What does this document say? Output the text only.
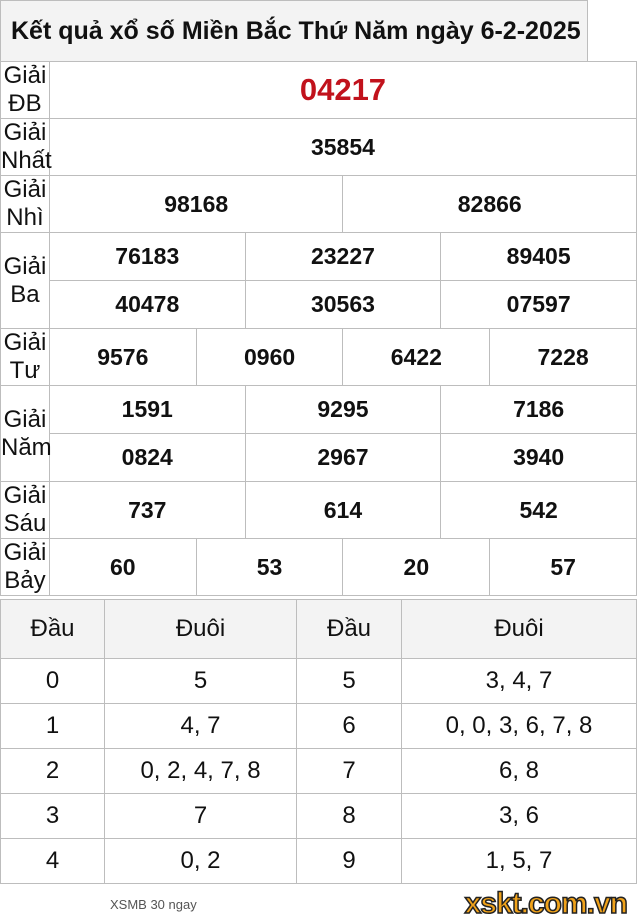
Kết quả xổ số Miền Bắc Thứ Năm ngày 6-2-2025						
Giải ĐB	04217					
Giải Nhất	35854					
Giải Nhì	98168			82866		
Giải Ba	76183		23227		89405	
	40478		30563		07597	
Giải Tư	9576	0960		6422		7228
Giải Năm	1591		9295		7186	
	0824		2967		3940	
Giải Sáu	737		614		542	
Giải Bảy	60	53		20		57
Đầu	Đuôi	Đầu	Đuôi
0	5	5	3, 4, 7
1	4, 7	6	0, 0, 3, 6, 7, 8
2	0, 2, 4, 7, 8	7	6, 8
3	7	8	3, 6
4	0, 2	9	1, 5, 7
XSMB 30 ngay	xskt.com.vn
